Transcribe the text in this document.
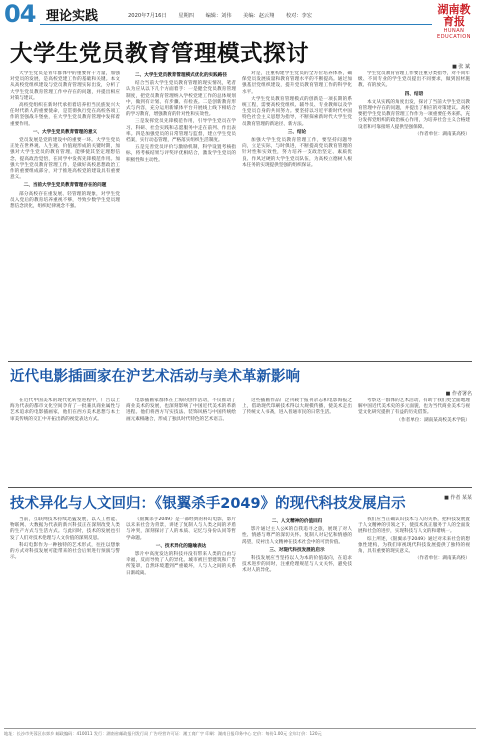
04 理论实践	2020年7月16日 星期四 编辑：刘伟 美编：赵云翔 校对：李宏	湖南教育报
HUNAN EDUCATION
大学生党员教育管理模式探讨	■ 张 斌

大学生党员是青年群体中的重要骨干力量，加强对党员的发展，是高校党建工作的基础和关键。本文从高校党组织建设与党员教育管理实际出发，分析了大学生党员教育管理工作中存在的问题，并提出相应对策与建议。

高校党组织在新时代承担着培养担当民族复兴大任时代新人的重要使命，是贯彻执行党在高校各项工作的坚强战斗堡垒，在大学生党员教育管理中发挥着重要作用。

一、大学生党员教育管理的意义

党员发展是党的建设中的重要一环。大学生党员正处在世界观、人生观、价值观形成的关键时期，加强对大学生党员的教育管理，能够使其坚定理想信念，提高政治觉悟，在同学中发挥先锋模范作用。加强大学生党员教育管理工作，是做好高校思想政治工作的重要组成部分，对于推进高校党的建设具有重要意义。

二、当前大学生党员教育管理存在的问题

部分高校存在重发展、轻管理的现象，对学生党员入党后的教育培养重视不够，导致少数学生党员理想信念淡化，组织纪律观念不强。

二、大学生党员教育管理模式优化的实践路径

结合当前大学生党员教育管理的现实情况，笔者认为应从以下几个方面着手：一是健全党员教育管理制度，把党员教育管理纳入学校党建工作的总体规划中，做到有计划、有步骤、有检查。二是创新教育形式与内容，充分运用新媒体平台开展线上线下相结合的学习教育，增强教育的针对性和实效性。

三是发挥党员先锋模范作用，引导学生党员在学习、科研、社会实践和志愿服务中走在前列、作出表率。四是加强党员的日常管理与监督，建立学生党员档案，实行动态管理，严格落实组织生活制度。

五是完善党员评价与激励机制，科学设置考核指标，将考核结果与评奖评优相结合，激发学生党员的积极性和主动性。

对是，注重构建学生党员的全方位培养体系，确保党员发展质量和教育管理水平的不断提高。通过加强基层党组织建设，提升党员教育管理工作的科学化水平。

大学生党员教育管理模式的创新是一项长期的系统工程，需要高校党组织、辅导员、专业教师以及学生党员自身的共同努力。要坚持以习近平新时代中国特色社会主义思想为指导，不断探索新时代大学生党员教育管理的新途径、新方法。

三、结论

加强大学生党员教育管理工作，要坚持问题导向，立足实际，与时俱进，不断提高党员教育管理的针对性和实效性，努力培养一支政治坚定、素质优良、作风过硬的大学生党员队伍，为高校立德树人根本任务的实现提供坚强的组织保证。

学生党员教育管理工作要注重分类指导，对不同年级、不同专业的学生党员提出不同要求，做到因材施教、有的放矢。

四、结语

本文从实践的角度出发，探讨了当前大学生党员教育管理中存在的问题，并提出了相应的对策建议。高校要把学生党员教育管理工作作为一项重要任务来抓，充分发挥党组织的政治核心作用，为培养社会主义合格建设者和可靠接班人提供坚强保障。

（作者单位：湖南某高校）

近代电影插画家在沪艺术活动与美术革新影响
■ 作者署名

在近代中国美术的现代化转型进程中，广告以上海为代表的都市文化空间孕育了一批兼具商业属性与艺术追求的电影插画家，他们在西方美术思想与本土审美传统的交汇中开拓出新的视觉表达方式。

电影插画家群体在上海的创作活动，不仅推动了商业美术的发展，也深刻影响了中国近代美术的革新进程。他们将西方写实技法、装饰风格与中国传统绘画元素相融合，形成了独具时代特色的艺术语言。

这些插画作品广泛刊载于报刊杂志和电影海报之上，借助现代印刷技术得以大规模传播，使美术走出了传统文人书斋，进入普通市民的日常生活。

考察这一群体的艺术活动，有助于我们更全面地理解中国近代美术史的多元面貌，也为当代商业美术与视觉文化研究提供了有益的历史借鉴。

（作者单位：湖南某高校美术学院）

技术异化与人文回归：《银翼杀手2049》的现代科技发展启示	■ 作者 某某

当前，互联网技术持续迅猛发展，以人工智能、物联网、大数据为代表的新兴科技正在深刻改变人类的生产方式与生活方式。与此同时，技术的发展也引发了人们对技术伦理与人文价值的深刻反思。

科幻电影作为一种独特的艺术形式，往往以想象的方式对科技发展可能带来的社会后果进行预演与警示。

《银翼杀手2049》是一部经典的科幻电影，影片以未来社会为背景，讲述了复制人与人类之间的矛盾与冲突，深刻探讨了人的本质、记忆与身份认同等哲学命题。

一、技术异化的隐喻表达

影片中高度发达的科技并没有带来人类的自由与幸福，反而导致了人的异化。城市被巨型建筑和广告所笼罩，自然环境遭到严重破坏，人与人之间的关系日渐疏离。

二、人文精神的价值回归

影片通过主人公K的自我追寻之旅，展现了对人性、情感与尊严的深切关怀。复制人对记忆和情感的渴望，反衬出人文精神在技术社会中的可贵价值。

三、对现代科技发展的启示

科技发展应当坚持以人为本的价值取向，在追求技术进步的同时，注重伦理规范与人文关怀，避免技术对人的异化。

我们应当正确认识技术与人的关系，把科技发展置于人文精神的引领之下，使技术真正服务于人的全面发展和社会的进步，实现科技与人文的和谐统一。

综上所述，《银翼杀手2049》通过对未来社会的想象性建构，为我们审视现代科技发展提供了独特的视角，具有重要的现实意义。

（作者单位：湖南某高校）

地址：长沙市芙蓉区东郊乡 邮政编码：410011 发行：湖南省邮政报刊发行局 广告经营许可证：湘工商广字 印刷：湖南日报印务中心 定价：每份1.00元 全年订价：120元
